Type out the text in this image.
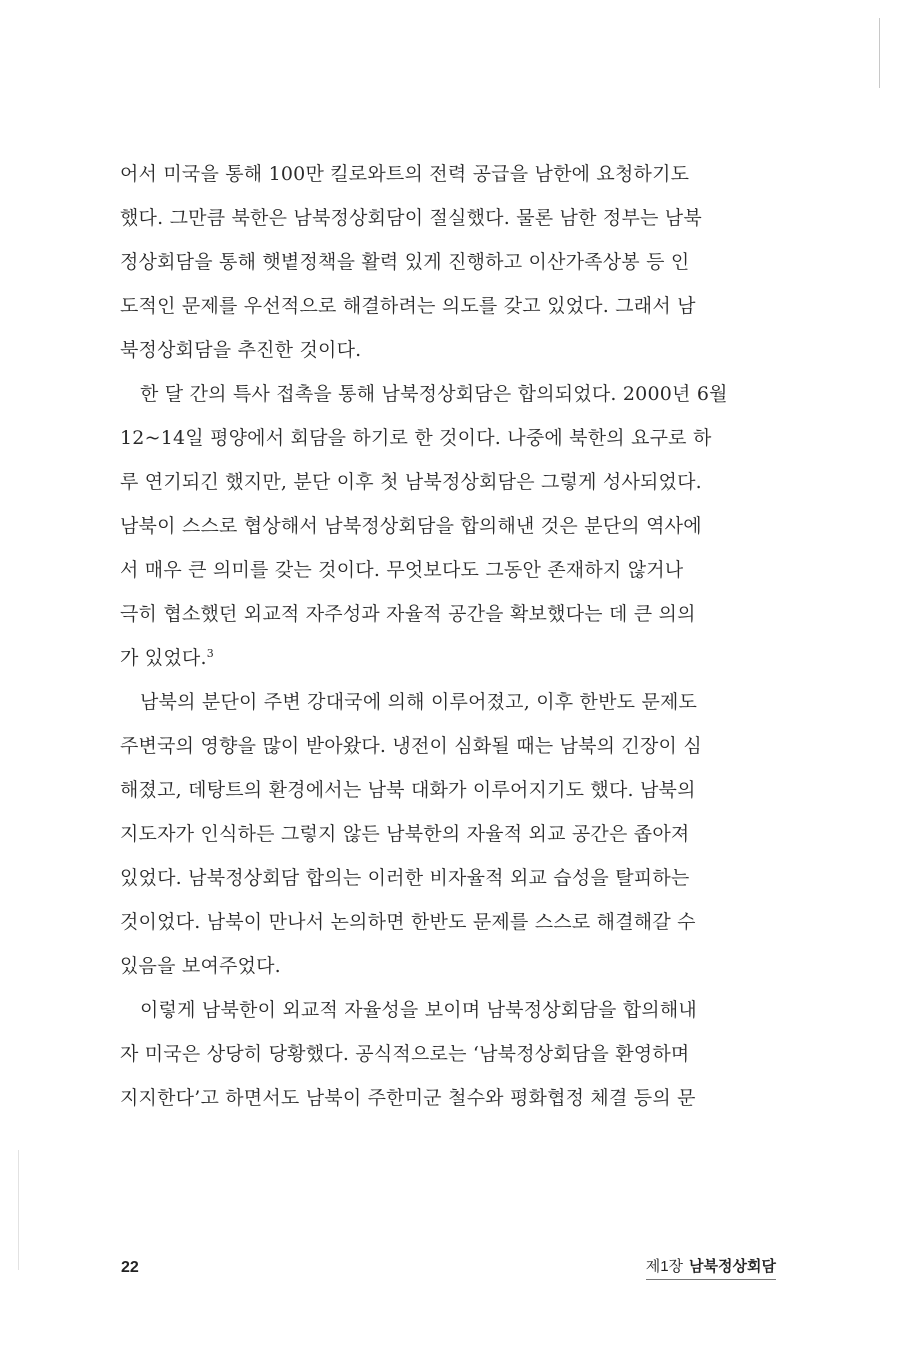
어서 미국을 통해 100만 킬로와트의 전력 공급을 남한에 요청하기도
했다. 그만큼 북한은 남북정상회담이 절실했다. 물론 남한 정부는 남북
정상회담을 통해 햇볕정책을 활력 있게 진행하고 이산가족상봉 등 인
도적인 문제를 우선적으로 해결하려는 의도를 갖고 있었다. 그래서 남
북정상회담을 추진한 것이다.
한 달 간의 특사 접촉을 통해 남북정상회담은 합의되었다. 2000년 6월
12~14일 평양에서 회담을 하기로 한 것이다. 나중에 북한의 요구로 하
루 연기되긴 했지만, 분단 이후 첫 남북정상회담은 그렇게 성사되었다.
남북이 스스로 협상해서 남북정상회담을 합의해낸 것은 분단의 역사에
서 매우 큰 의미를 갖는 것이다. 무엇보다도 그동안 존재하지 않거나
극히 협소했던 외교적 자주성과 자율적 공간을 확보했다는 데 큰 의의
가 있었다.$^3$
남북의 분단이 주변 강대국에 의해 이루어졌고, 이후 한반도 문제도
주변국의 영향을 많이 받아왔다. 냉전이 심화될 때는 남북의 긴장이 심
해졌고, 데탕트의 환경에서는 남북 대화가 이루어지기도 했다. 남북의
지도자가 인식하든 그렇지 않든 남북한의 자율적 외교 공간은 좁아져
있었다. 남북정상회담 합의는 이러한 비자율적 외교 습성을 탈피하는
것이었다. 남북이 만나서 논의하면 한반도 문제를 스스로 해결해갈 수
있음을 보여주었다.
이렇게 남북한이 외교적 자율성을 보이며 남북정상회담을 합의해내
자 미국은 상당히 당황했다. 공식적으로는 ‘남북정상회담을 환영하며
지지한다’고 하면서도 남북이 주한미군 철수와 평화협정 체결 등의 문
22	제1장 남북정상회담
